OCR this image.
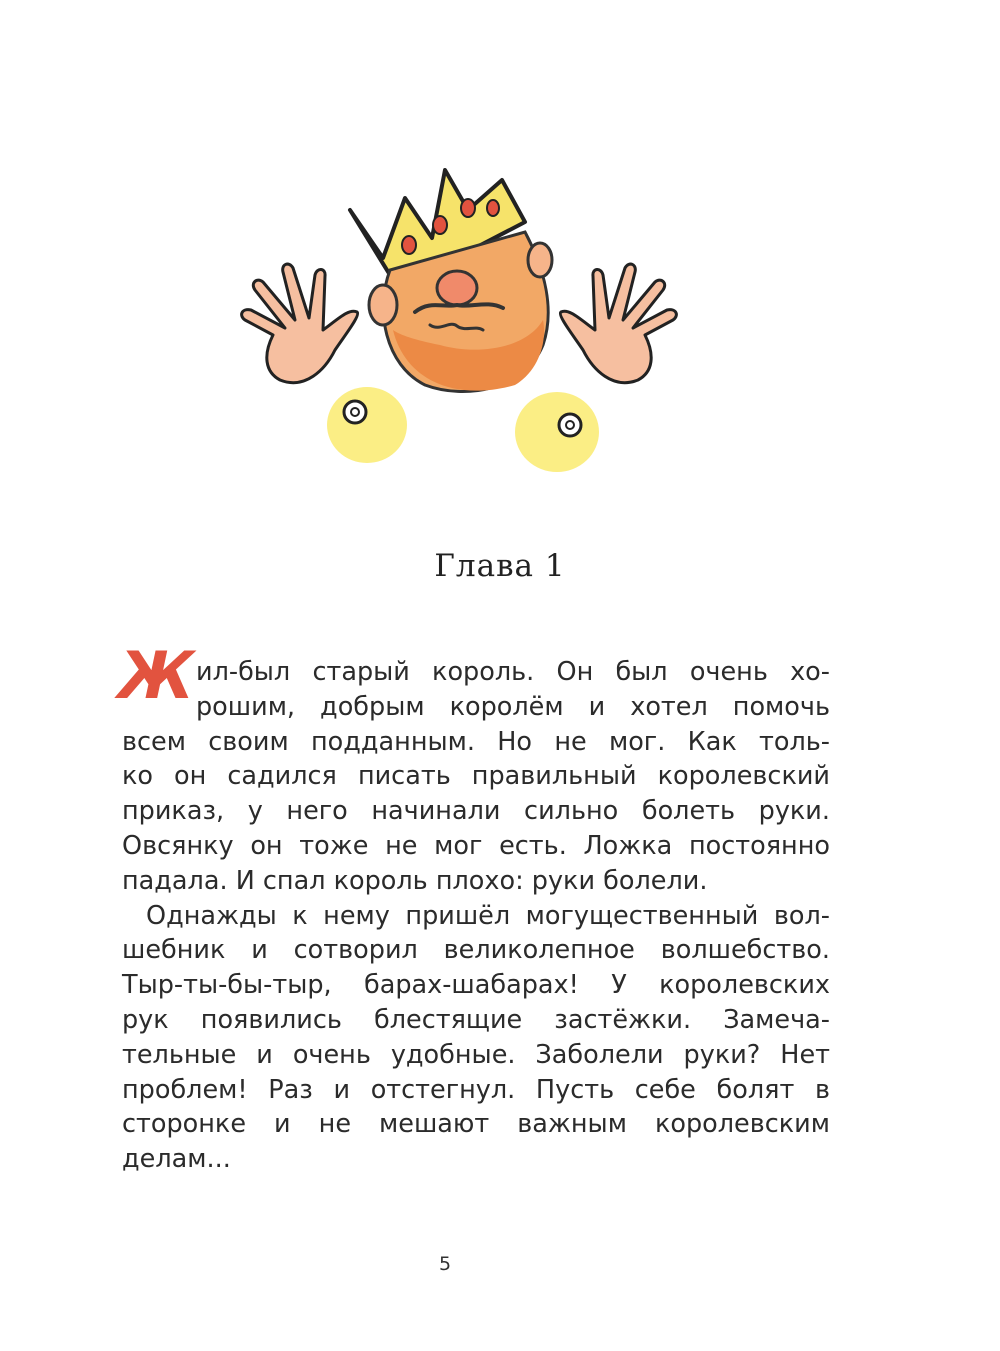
Глава 1
Ж
ил-был старый король. Он был очень хо-
рошим, добрым королём и хотел помочь
всем своим подданным. Но не мог. Как толь-
ко он садился писать правильный королевский
приказ, у него начинали сильно болеть руки.
Овсянку он тоже не мог есть. Ложка постоянно
падала. И спал король плохо: руки болели.
Однажды к нему пришёл могущественный вол-
шебник и сотворил великолепное волшебство.
Тыр-ты-бы-тыр, барах-шабарах! У королевских
рук появились блестящие застёжки. Замеча-
тельные и очень удобные. Заболели руки? Нет
проблем! Раз и отстегнул. Пусть себе болят в
сторонке и не мешают важным королевским
делам...
5
